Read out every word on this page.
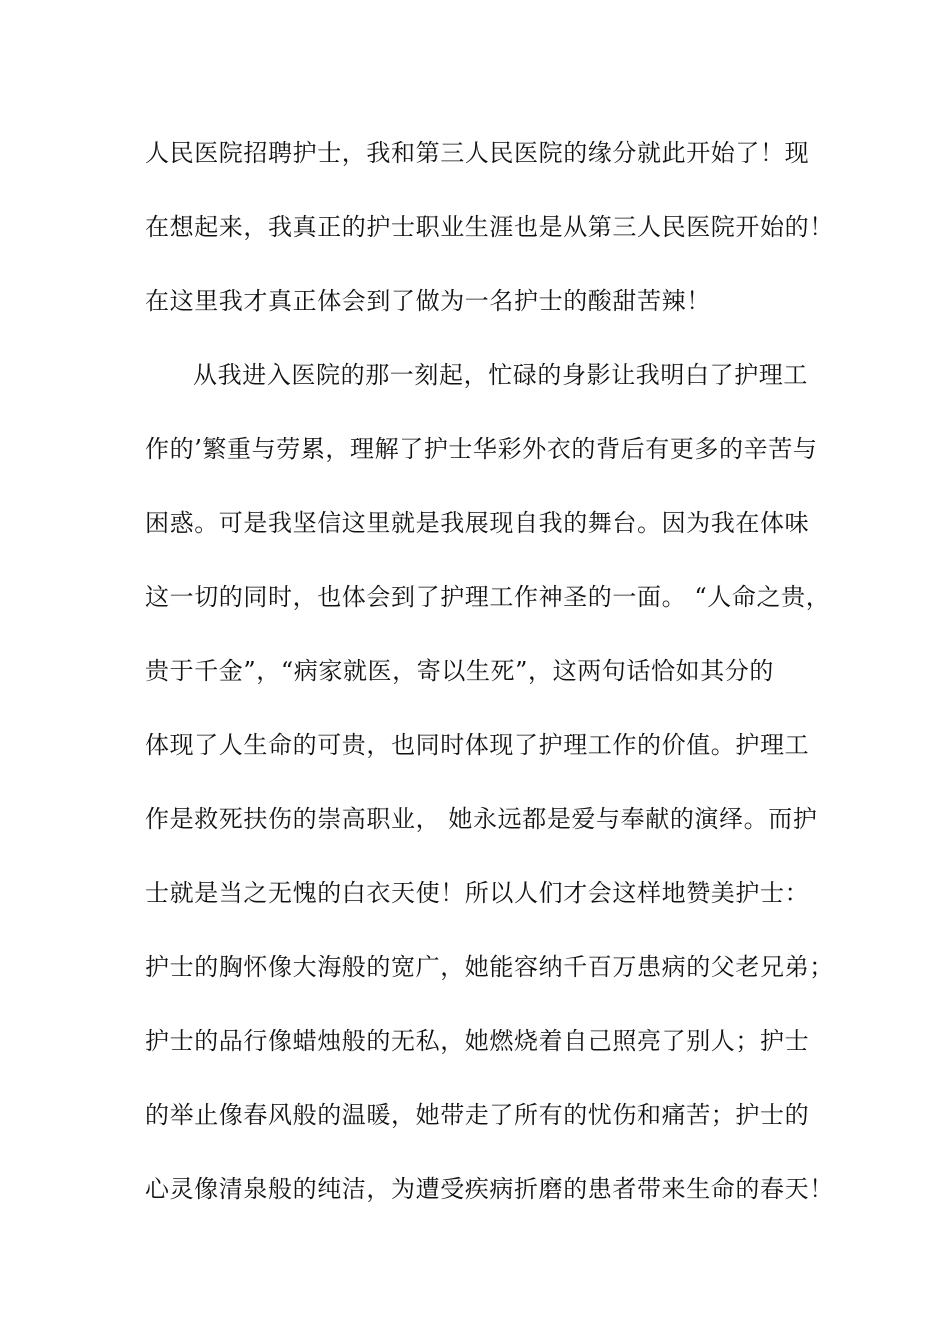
人民医院招聘护士，我和第三人民医院的缘分就此开始了！现
在想起来，我真正的护士职业生涯也是从第三人民医院开始的！
在这里我才真正体会到了做为一名护士的酸甜苦辣！
从我进入医院的那一刻起，忙碌的身影让我明白了护理工
作的’繁重与劳累，理解了护士华彩外衣的背后有更多的辛苦与
困惑。可是我坚信这里就是我展现自我的舞台。因为我在体味
这一切的同时，也体会到了护理工作神圣的一面。 “人命之贵，
贵于千金”，“病家就医，寄以生死”，这两句话恰如其分的
体现了人生命的可贵，也同时体现了护理工作的价值。护理工
作是救死扶伤的崇高职业， 她永远都是爱与奉献的演绎。而护
士就是当之无愧的白衣天使！所以人们才会这样地赞美护士：
护士的胸怀像大海般的宽广，她能容纳千百万患病的父老兄弟；
护士的品行像蜡烛般的无私，她燃烧着自己照亮了别人；护士
的举止像春风般的温暖，她带走了所有的忧伤和痛苦；护士的
心灵像清泉般的纯洁，为遭受疾病折磨的患者带来生命的春天！
